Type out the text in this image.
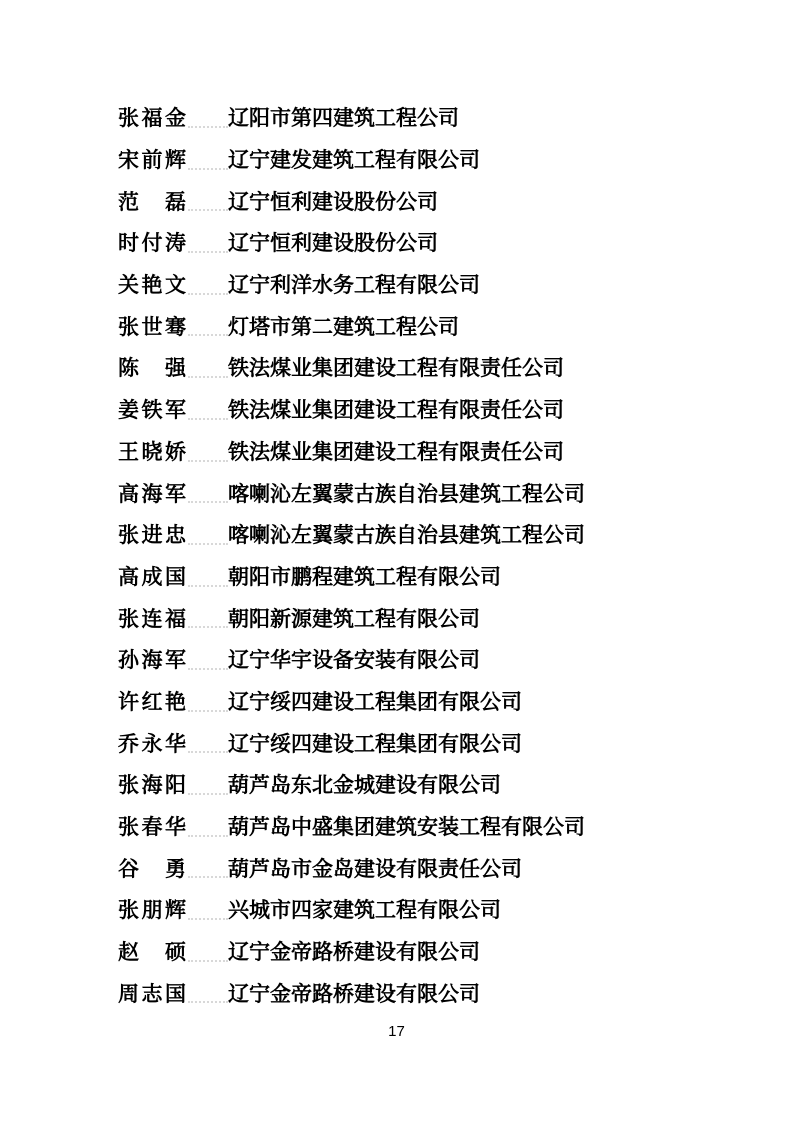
张福金 辽阳市第四建筑工程公司
宋前辉 辽宁建发建筑工程有限公司
范　磊 辽宁恒利建设股份公司
时付涛 辽宁恒利建设股份公司
关艳文 辽宁利洋水务工程有限公司
张世骞 灯塔市第二建筑工程公司
陈　强 铁法煤业集团建设工程有限责任公司
姜铁军 铁法煤业集团建设工程有限责任公司
王晓娇 铁法煤业集团建设工程有限责任公司
高海军 喀喇沁左翼蒙古族自治县建筑工程公司
张进忠 喀喇沁左翼蒙古族自治县建筑工程公司
高成国 朝阳市鹏程建筑工程有限公司
张连福 朝阳新源建筑工程有限公司
孙海军 辽宁华宇设备安装有限公司
许红艳 辽宁绥四建设工程集团有限公司
乔永华 辽宁绥四建设工程集团有限公司
张海阳 葫芦岛东北金城建设有限公司
张春华 葫芦岛中盛集团建筑安装工程有限公司
谷　勇 葫芦岛市金岛建设有限责任公司
张朋辉 兴城市四家建筑工程有限公司
赵　硕 辽宁金帝路桥建设有限公司
周志国 辽宁金帝路桥建设有限公司
17
